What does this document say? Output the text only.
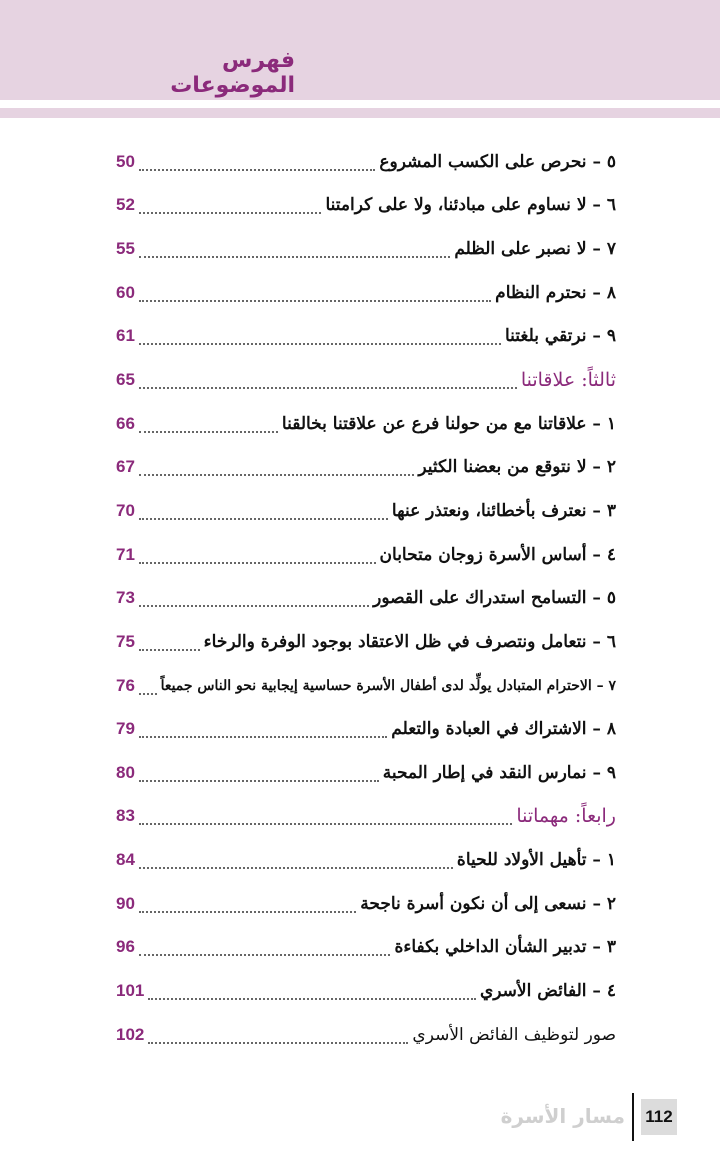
فهرس الموضوعات
٥ – نحرص على الكسب المشروع
50
٦ – لا نساوم على مبادئنا، ولا على كرامتنا
52
٧ – لا نصبر على الظلم
55
٨ – نحترم النظام
60
٩ – نرتقي بلغتنا
61
ثالثاً: علاقاتنا
65
١ – علاقاتنا مع من حولنا فرع عن علاقتنا بخالقنا
66
٢ – لا نتوقع من بعضنا الكثير
67
٣ – نعترف بأخطائنا، ونعتذر عنها
70
٤ – أساس الأسرة زوجان متحابان
71
٥ – التسامح استدراك على القصور
73
٦ – نتعامل ونتصرف في ظل الاعتقاد بوجود الوفرة والرخاء
75
٧ – الاحترام المتبادل يولِّد لدى أطفال الأسرة حساسية إيجابية نحو الناس جميعاً
76
٨ – الاشتراك في العبادة والتعلم
79
٩ – نمارس النقد في إطار المحبة
80
رابعاً: مهماتنا
83
١ – تأهيل الأولاد للحياة
84
٢ – نسعى إلى أن نكون أسرة ناجحة
90
٣ – تدبير الشأن الداخلي بكفاءة
96
٤ – الفائض الأسري
101
صور لتوظيف الفائض الأسري
102
112
مسار الأسرة
